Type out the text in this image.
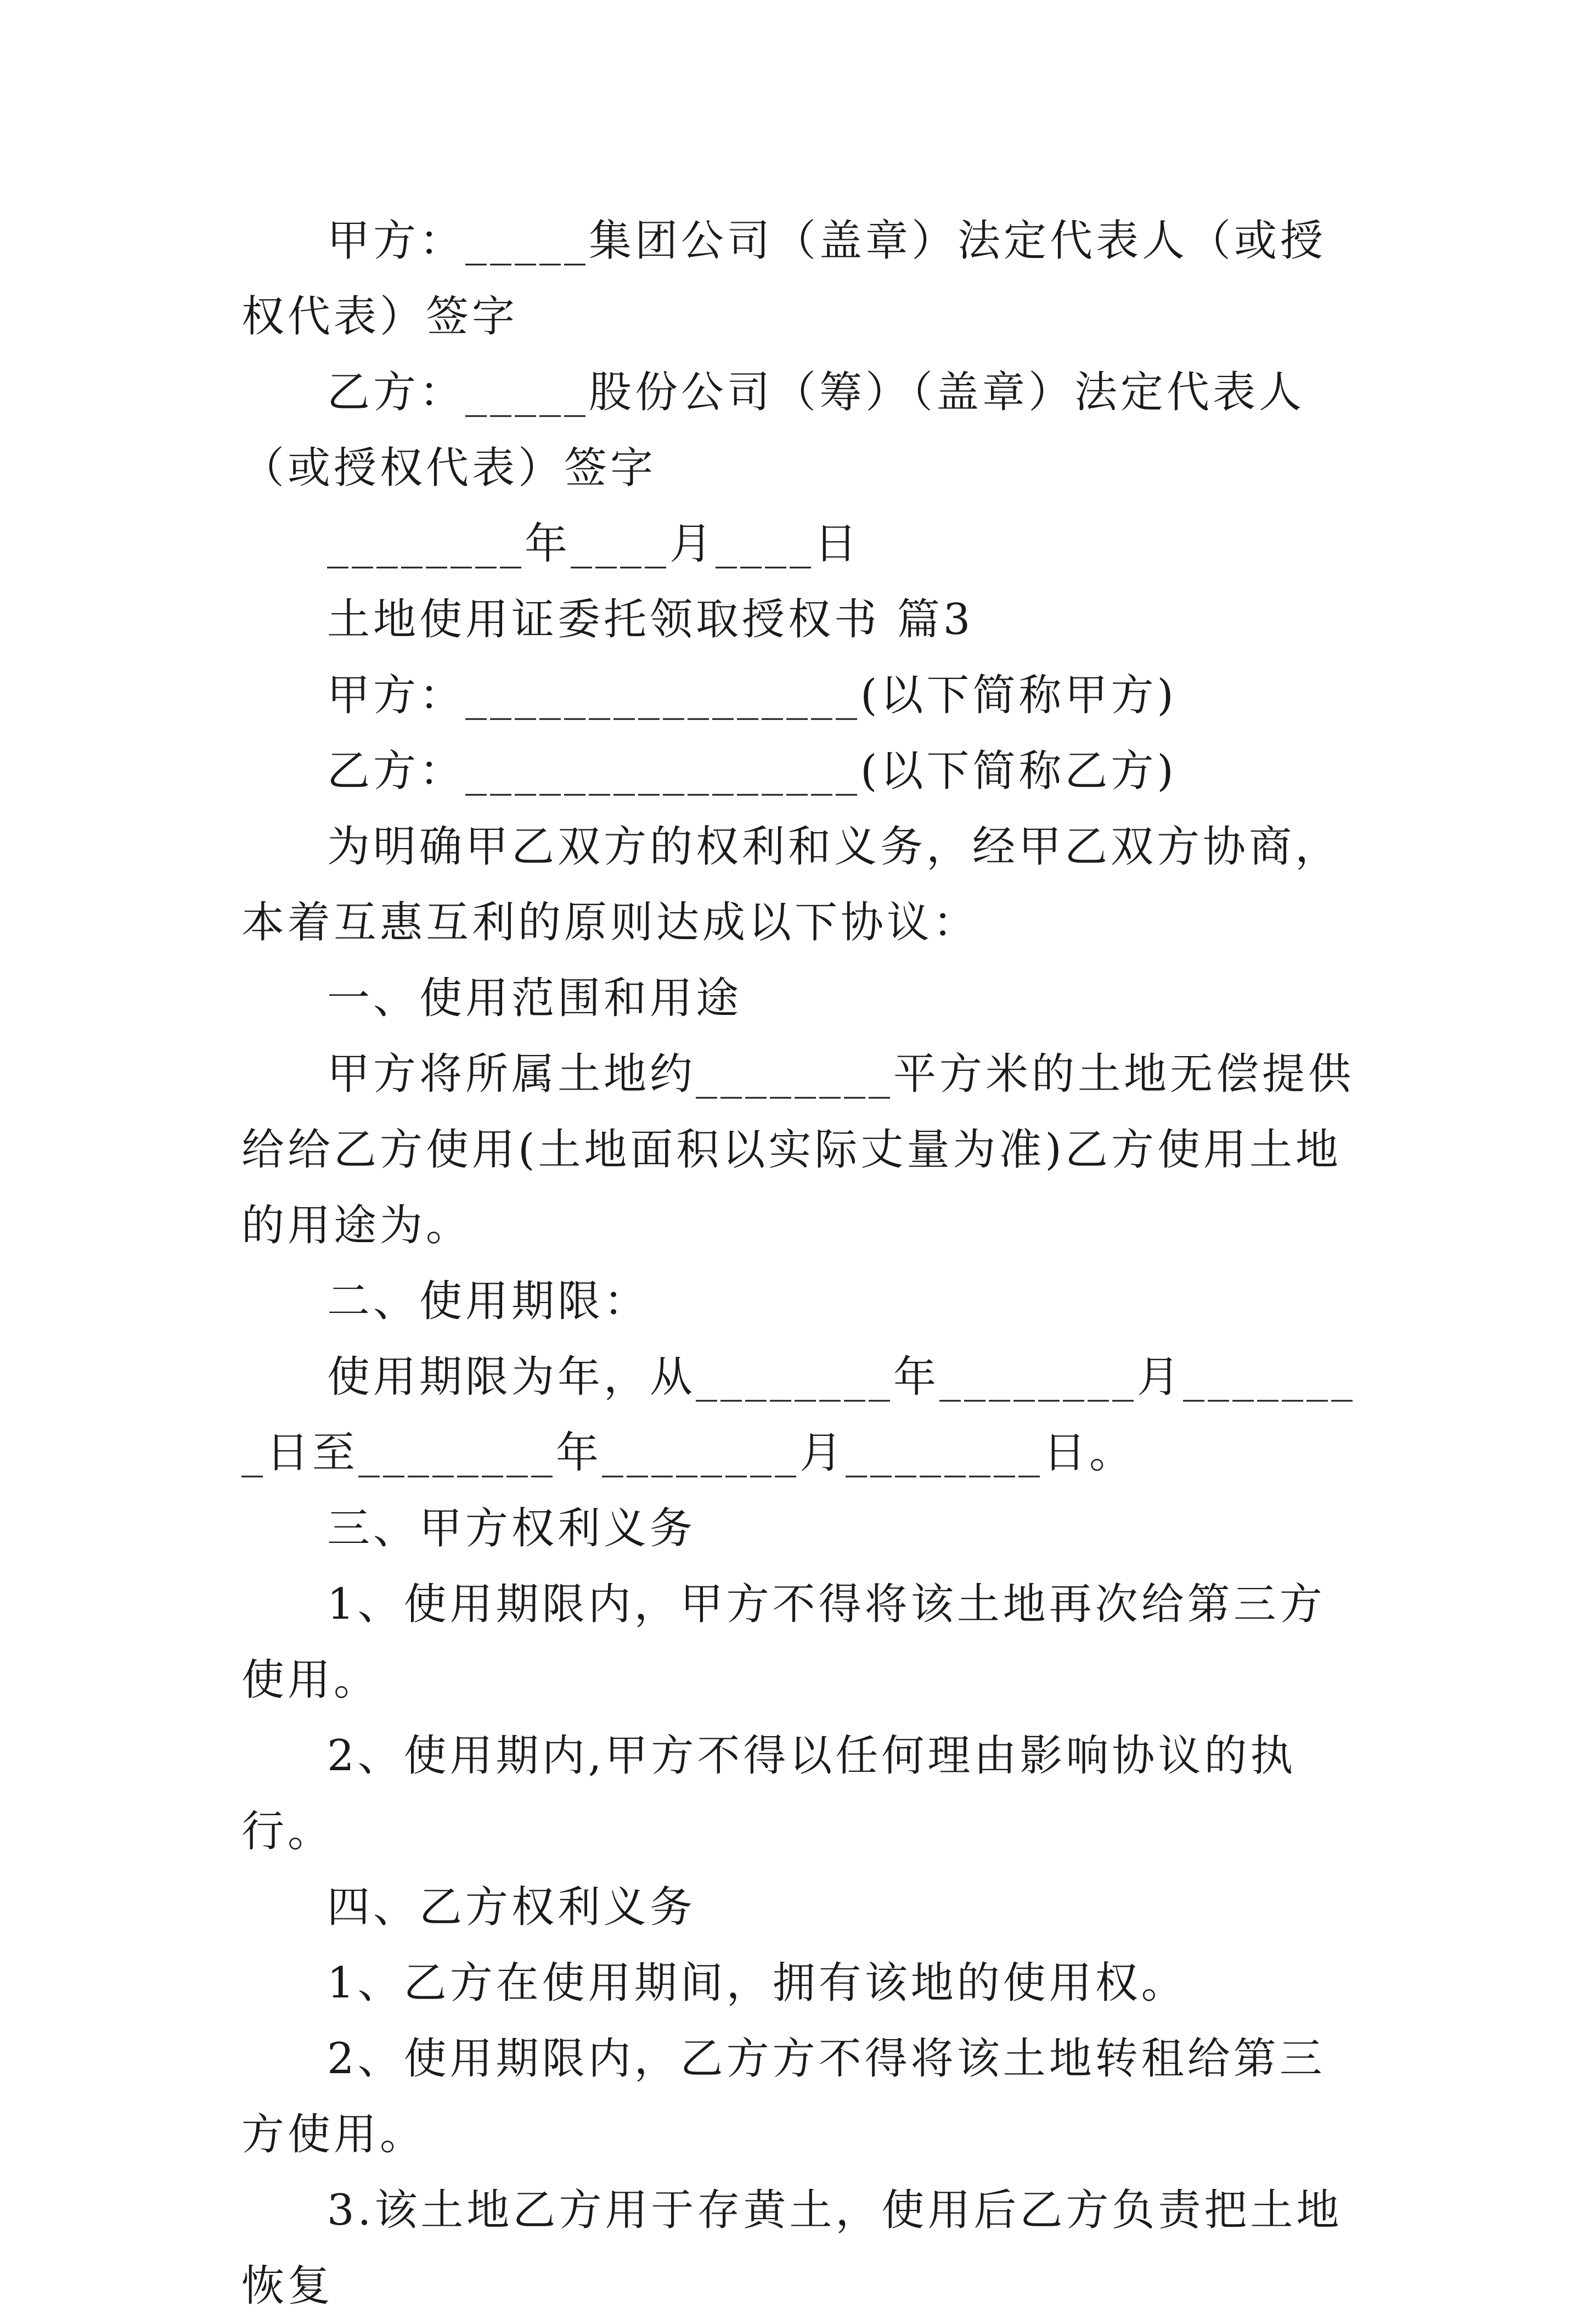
甲方：_____集团公司（盖章）法定代表人（或授权代表）签字

乙方：_____股份公司（筹）（盖章）法定代表人（或授权代表）签字

________年____月____日

土地使用证委托领取授权书 篇3

甲方：________________(以下简称甲方)

乙方：________________(以下简称乙方)

为明确甲乙双方的权利和义务，经甲乙双方协商，本着互惠互利的原则达成以下协议：

一、使用范围和用途

甲方将所属土地约________平方米的土地无偿提供给给乙方使用(土地面积以实际丈量为准)乙方使用土地的用途为。

二、使用期限：

使用期限为年，从________年________月________日至________年________月________日。

三、甲方权利义务

1、使用期限内，甲方不得将该土地再次给第三方使用。

2、使用期内,甲方不得以任何理由影响协议的执行。

四、乙方权利义务

1、乙方在使用期间，拥有该地的使用权。

2、使用期限内，乙方方不得将该土地转租给第三方使用。

3.该土地乙方用于存黄土，使用后乙方负责把土地恢复
